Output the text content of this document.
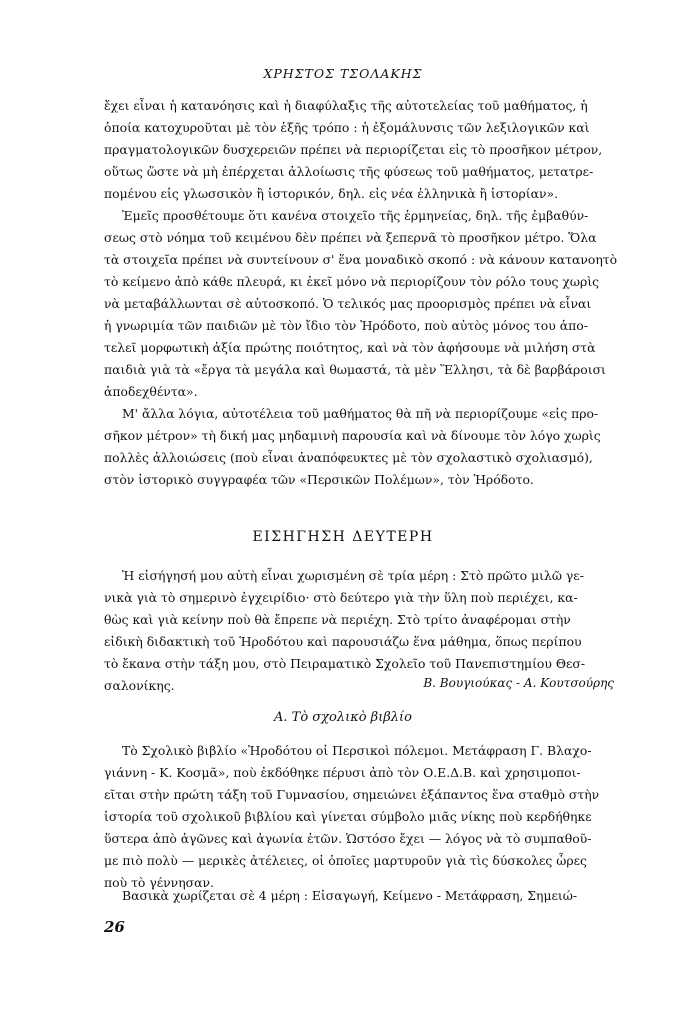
ΧΡΗΣΤΟΣ ΤΣΟΛΑΚΗΣ

ἔχει εἶναι ἡ κατανόησις καὶ ἡ διαφύλαξις τῆς αὐτοτελείας τοῦ μαθήματος, ἡ
ὁποία κατοχυροῦται μὲ τὸν ἑξῆς τρόπο : ἡ ἐξομάλυνσις τῶν λεξιλογικῶν καὶ
πραγματολογικῶν δυσχερειῶν πρέπει νὰ περιορίζεται εἰς τὸ προσῆκον μέτρον,
οὕτως ὥστε νὰ μὴ ἐπέρχεται ἀλλοίωσις τῆς φύσεως τοῦ μαθήματος, μετατρε-
πομένου εἰς γλωσσικὸν ἢ ἱστορικόν, δηλ. εἰς νέα ἑλληνικὰ ἢ ἱστορίαν».

Ἐμεῖς προσθέτουμε ὅτι κανένα στοιχεῖο τῆς ἑρμηνείας, δηλ. τῆς ἐμβαθύν-
σεως στὸ νόημα τοῦ κειμένου δὲν πρέπει νὰ ξεπερνᾶ τὸ προσῆκον μέτρο. Ὅλα
τὰ στοιχεῖα πρέπει νὰ συντείνουν σ' ἕνα μοναδικὸ σκοπό : νὰ κάνουν κατανοητὸ
τὸ κείμενο ἀπὸ κάθε πλευρά, κι ἐκεῖ μόνο νὰ περιορίζουν τὸν ρόλο τους χωρὶς
νὰ μεταβάλλωνται σὲ αὐτοσκοπό. Ὁ τελικός μας προορισμὸς πρέπει νὰ εἶναι
ἡ γνωριμία τῶν παιδιῶν μὲ τὸν ἴδιο τὸν Ἡρόδοτο, ποὺ αὐτὸς μόνος του ἀπο-
τελεῖ μορφωτικὴ ἀξία πρώτης ποιότητος, καὶ νὰ τὸν ἀφήσουμε νὰ μιλήση στὰ
παιδιὰ γιὰ τὰ «ἔργα τὰ μεγάλα καὶ θωμαστά, τὰ μὲν Ἕλλησι, τὰ δὲ βαρβάροισι
ἀποδεχθέντα».

Μ' ἄλλα λόγια, αὐτοτέλεια τοῦ μαθήματος θὰ πῆ νὰ περιορίζουμε «εἰς προ-
σῆκον μέτρον» τὴ δική μας μηδαμινὴ παρουσία καὶ νὰ δίνουμε τὸν λόγο χωρὶς
πολλὲς ἀλλοιώσεις (ποὺ εἶναι ἀναπόφευκτες μὲ τὸν σχολαστικὸ σχολιασμό),
στὸν ἱστορικὸ συγγραφέα τῶν «Περσικῶν Πολέμων», τὸν Ἡρόδοτο.

Β. Βουγιούκας - Α. Κουτσούρης
ΕΙΣΗΓΗΣΗ ΔΕΥΤΕΡΗ

Ἡ εἰσήγησή μου αὐτὴ εἶναι χωρισμένη σὲ τρία μέρη : Στὸ πρῶτο μιλῶ γε-
νικὰ γιὰ τὸ σημερινὸ ἐγχειρίδιο· στὸ δεύτερο γιὰ τὴν ὕλη ποὺ περιέχει, κα-
θὼς καὶ γιὰ κείνην ποὺ θὰ ἔπρεπε νὰ περιέχη. Στὸ τρίτο ἀναφέρομαι στὴν
εἰδικὴ διδακτικὴ τοῦ Ἡροδότου καὶ παρουσιάζω ἕνα μάθημα, ὅπως περίπου
τὸ ἔκανα στὴν τάξη μου, στὸ Πειραματικὸ Σχολεῖο τοῦ Πανεπιστημίου Θεσ-
σαλονίκης.

Α. Τὸ σχολικὸ βιβλίο

Τὸ Σχολικὸ βιβλίο «Ἡροδότου οἱ Περσικοὶ πόλεμοι. Μετάφραση Γ. Βλαχο-
γιάννη - Κ. Κοσμᾶ», ποὺ ἐκδόθηκε πέρυσι ἀπὸ τὸν Ο.Ε.Δ.Β. καὶ χρησιμοποι-
εῖται στὴν πρώτη τάξη τοῦ Γυμνασίου, σημειώνει ἐξάπαντος ἕνα σταθμὸ στὴν
ἱστορία τοῦ σχολικοῦ βιβλίου καὶ γίνεται σύμβολο μιᾶς νίκης ποὺ κερδήθηκε
ὕστερα ἀπὸ ἀγῶνες καὶ ἀγωνία ἐτῶν. Ὡστόσο ἔχει — λόγος νὰ τὸ συμπαθοῦ-
με πιὸ πολὺ — μερικὲς ἀτέλειες, οἱ ὁποῖες μαρτυροῦν γιὰ τὶς δύσκολες ὧρες
ποὺ τὸ γέννησαν.

Βασικὰ χωρίζεται σὲ 4 μέρη : Εἰσαγωγή, Κείμενο - Μετάφραση, Σημειώ-

26
